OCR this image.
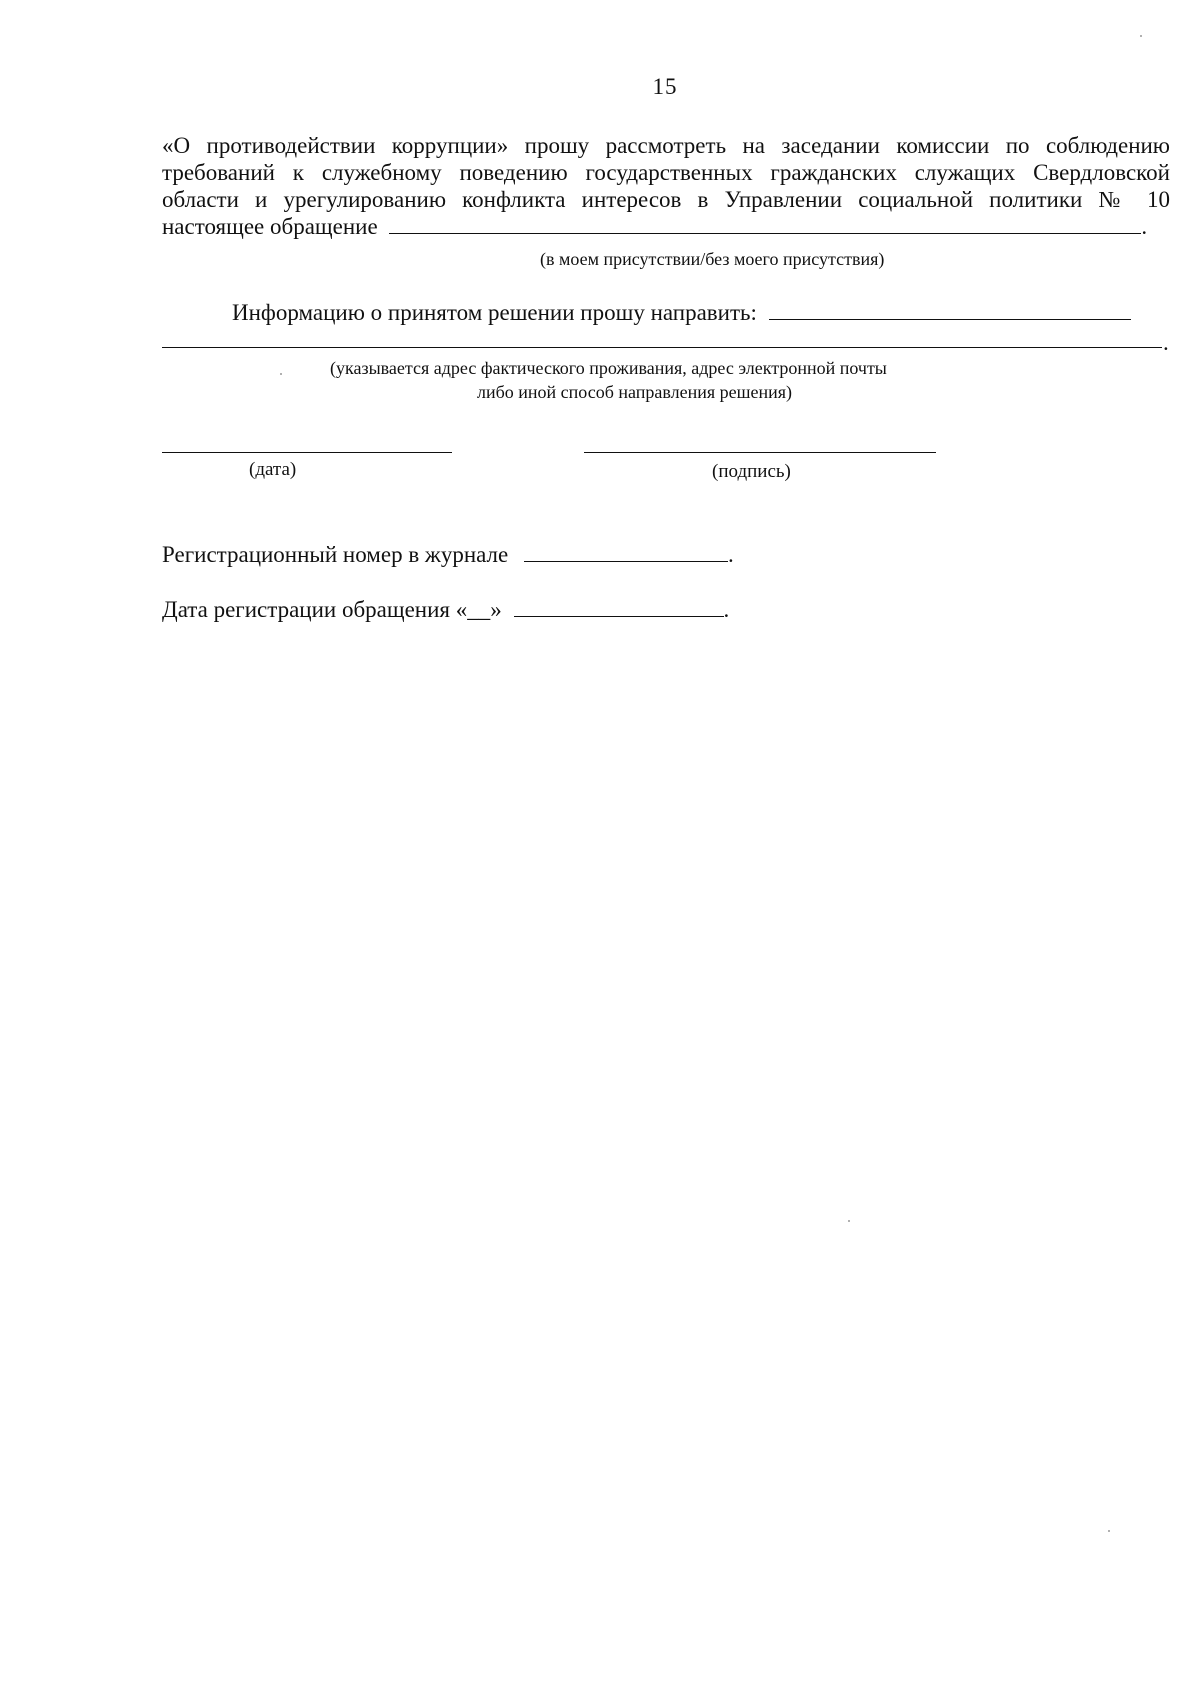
15
«О противодействии коррупции» прошу рассмотреть на заседании комиссии по соблюдению
требований к служебному поведению государственных гражданских служащих Свердловской
области и урегулированию конфликта интересов в Управлении социальной политики № 10
настоящее обращение	.
(в моем присутствии/без моего присутствия)
Информацию о принятом решении прошу направить:
.
(указывается адрес фактического проживания, адрес электронной почты
либо иной способ направления решения)
(дата)	(подпись)
Регистрационный номер в журнале	.
Дата регистрации обращения «__»	.
